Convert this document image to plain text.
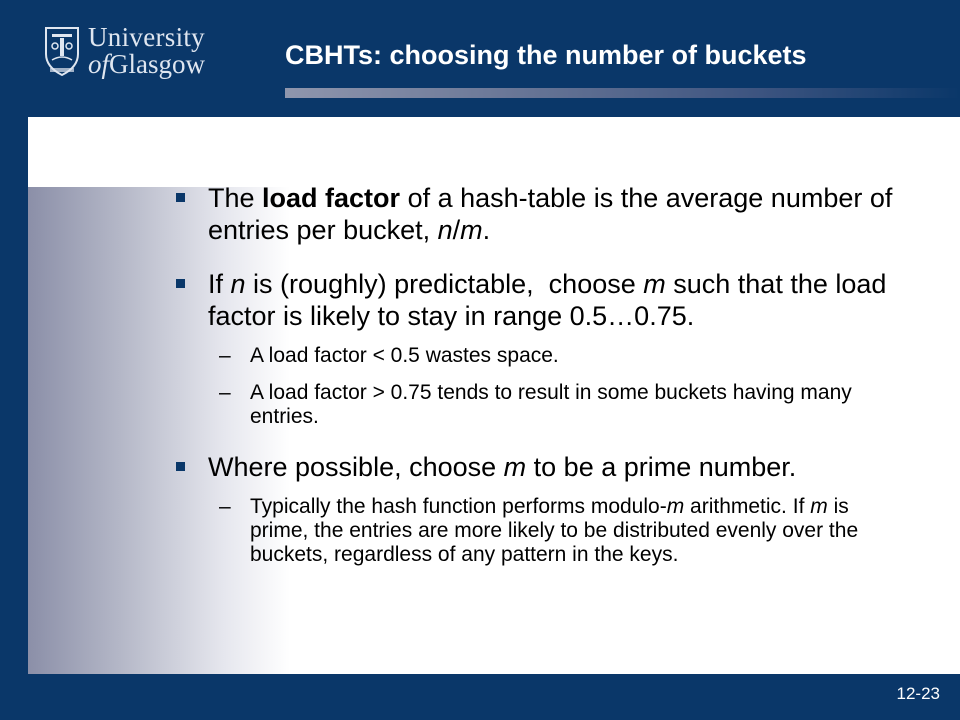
University
ofGlasgow	CBHTs: choosing the number of buckets
The load factor of a hash-table is the average number of entries per bucket, n/m.
If n is (roughly) predictable,  choose m such that the load factor is likely to stay in range 0.5…0.75.
– A load factor < 0.5 wastes space.
– A load factor > 0.75 tends to result in some buckets having many entries.
Where possible, choose m to be a prime number.
– Typically the hash function performs modulo-m arithmetic. If m is prime, the entries are more likely to be distributed evenly over the buckets, regardless of any pattern in the keys.
12-23
